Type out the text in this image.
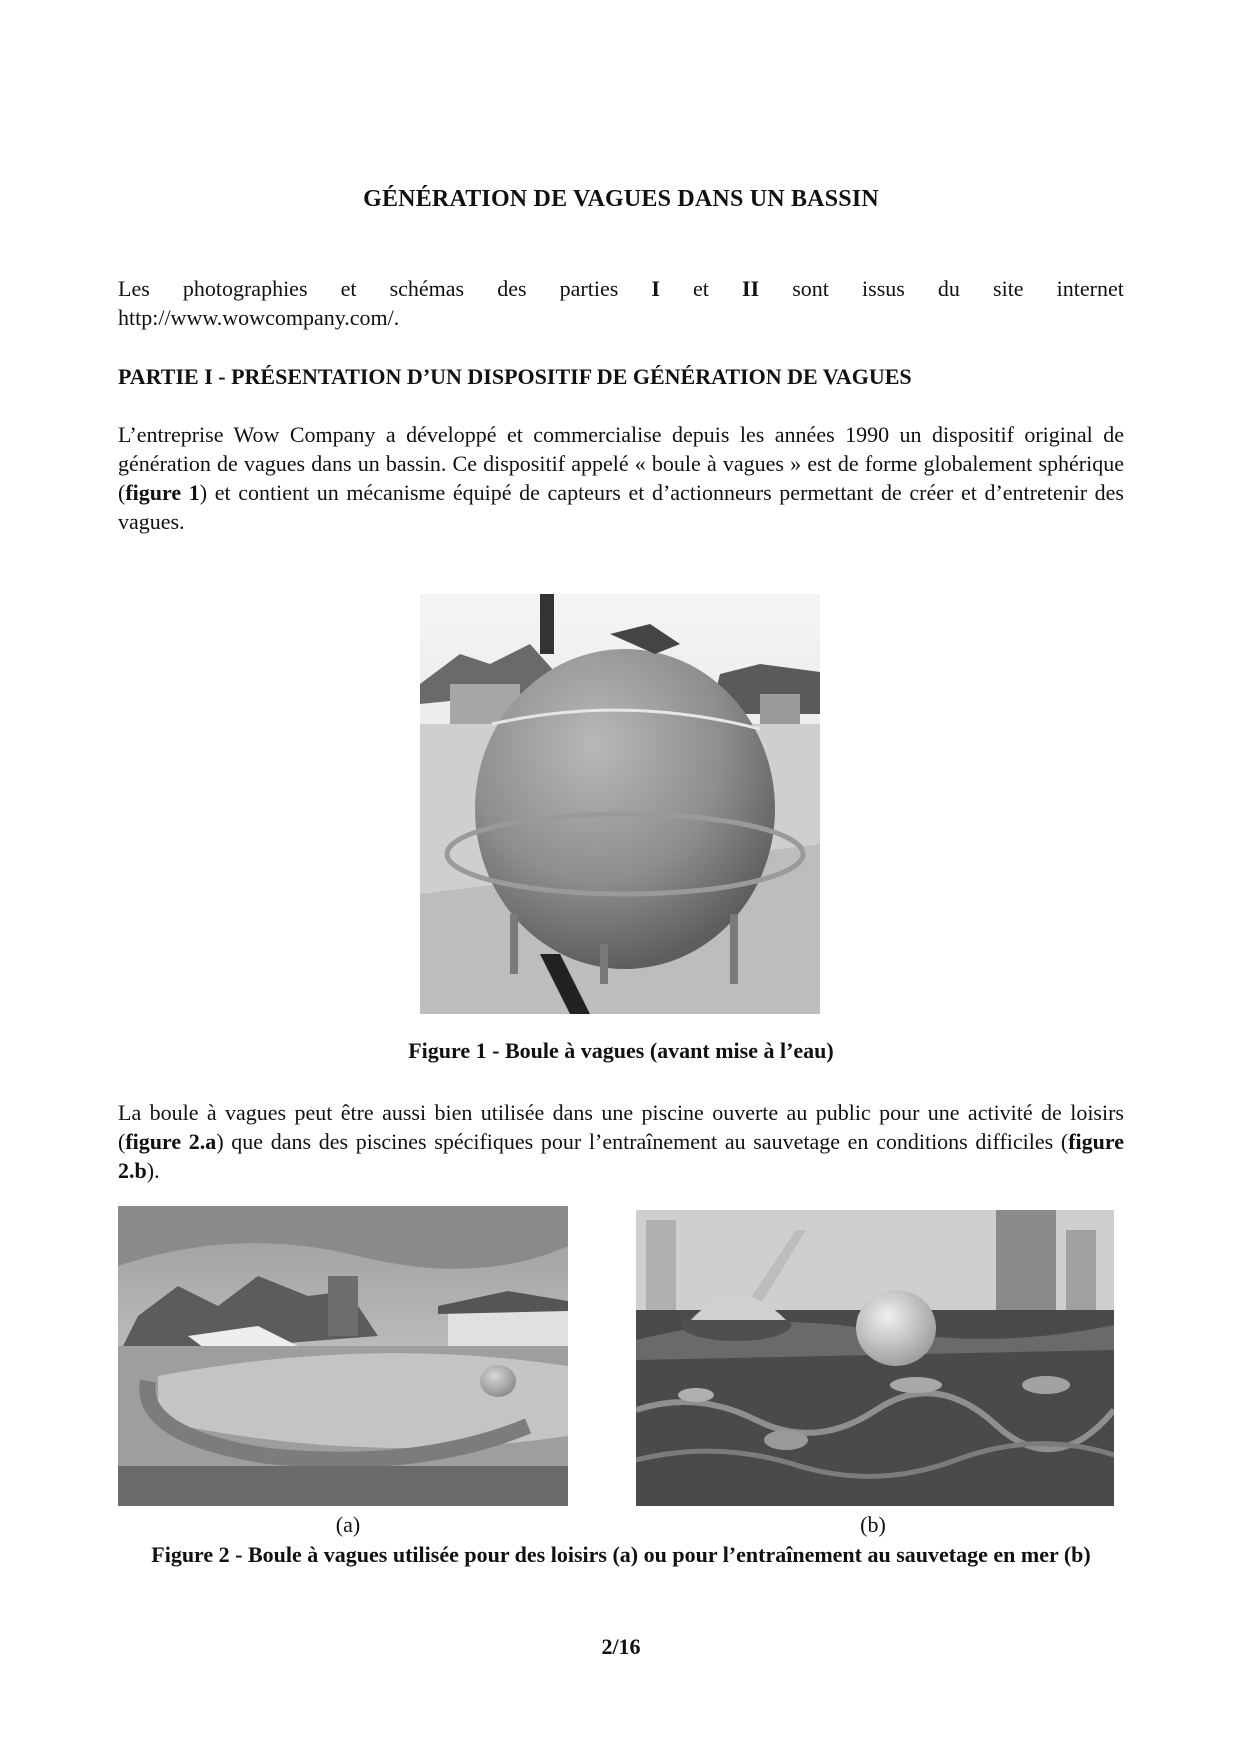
GÉNÉRATION DE VAGUES DANS UN BASSIN
Les photographies et schémas des parties I et II sont issus du site internet
http://www.wowcompany.com/.
PARTIE I - PRÉSENTATION D’UN DISPOSITIF DE GÉNÉRATION DE VAGUES
L’entreprise Wow Company a développé et commercialise depuis les années 1990 un dispositif original de génération de vagues dans un bassin. Ce dispositif appelé « boule à vagues » est de forme globalement sphérique (figure 1) et contient un mécanisme équipé de capteurs et d’actionneurs permettant de créer et d’entretenir des vagues.
Figure 1 - Boule à vagues (avant mise à l’eau)
La boule à vagues peut être aussi bien utilisée dans une piscine ouverte au public pour une activité de loisirs (figure 2.a) que dans des piscines spécifiques pour l’entraînement au sauvetage en conditions difficiles (figure 2.b).
(a)	(b)
Figure 2 - Boule à vagues utilisée pour des loisirs (a) ou pour l’entraînement au sauvetage en mer (b)
2/16
